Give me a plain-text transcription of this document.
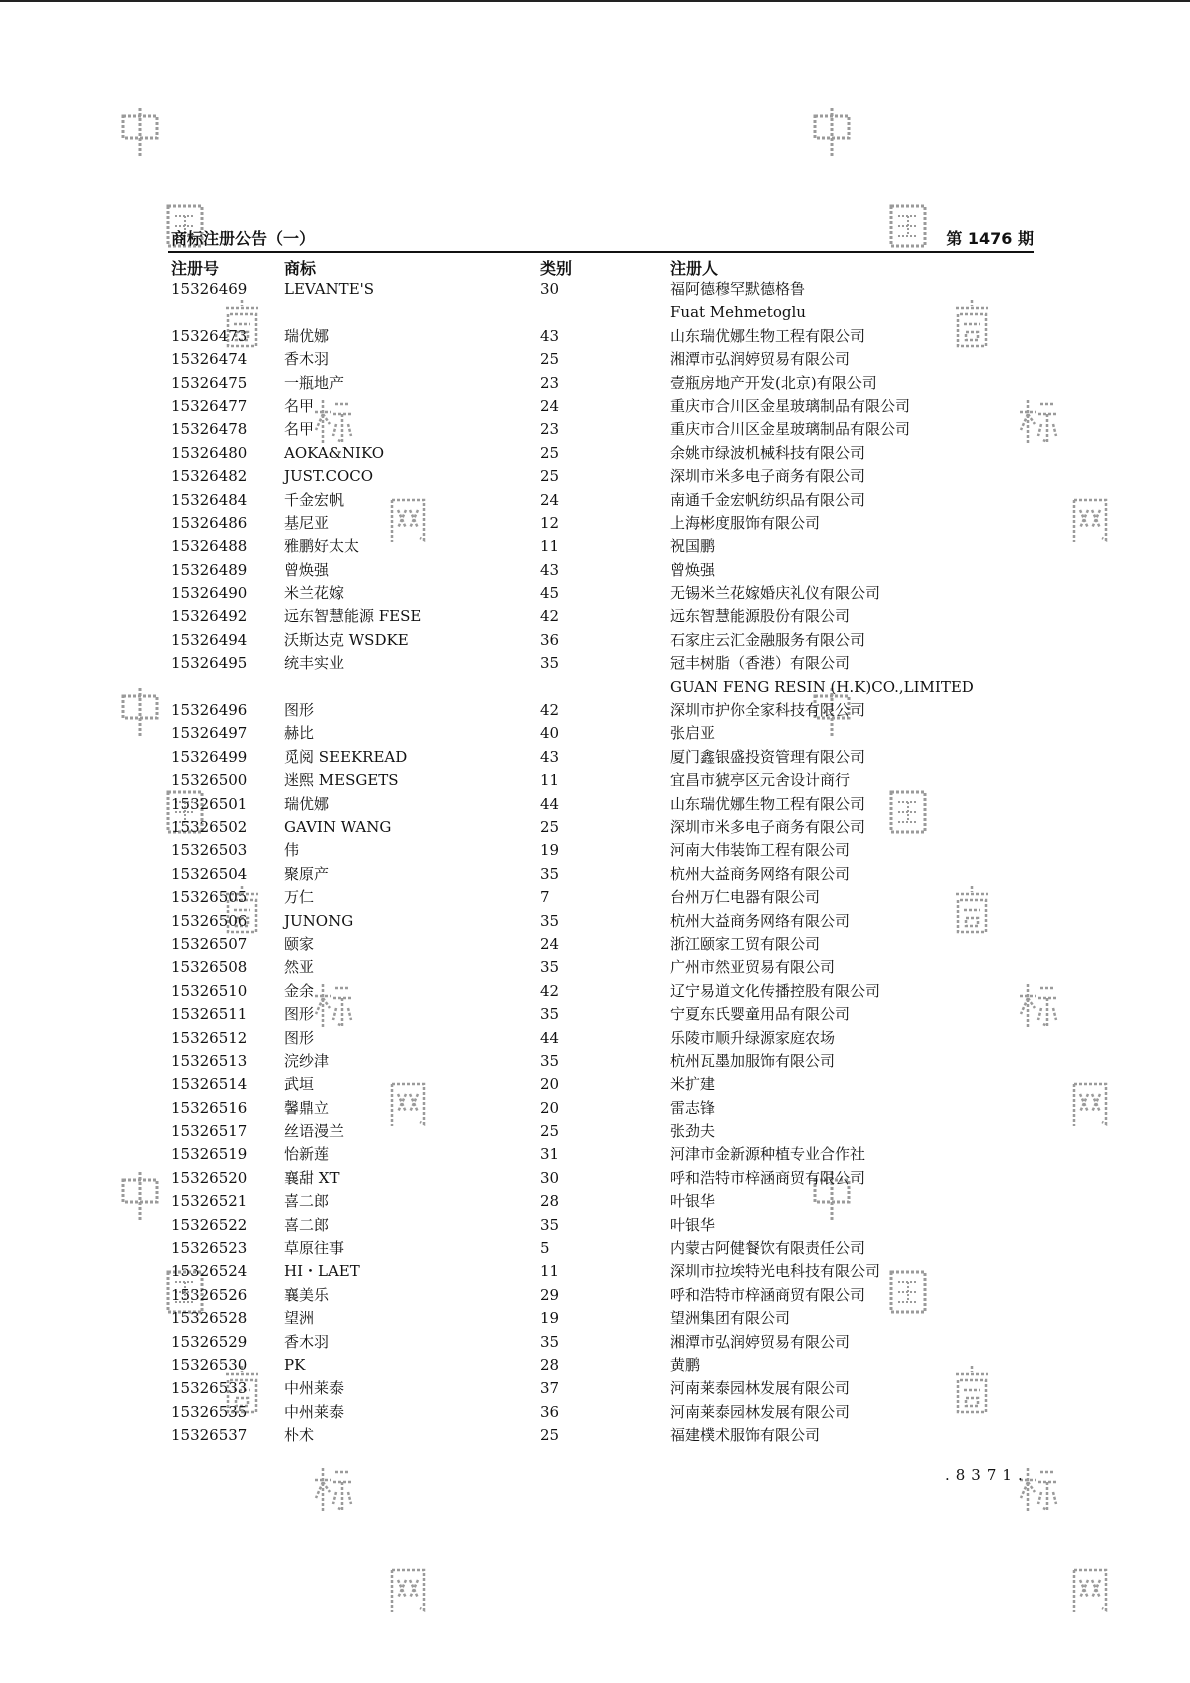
商标注册公告（一）	第 1476 期
注册号	商标	类别	注册人
15326469 LEVANTE'S	30	福阿德穆罕默德格鲁
Fuat Mehmetoglu
15326473 瑞优娜	43	山东瑞优娜生物工程有限公司
15326474 香木羽	25	湘潭市弘润婷贸易有限公司
15326475 一瓶地产	23	壹瓶房地产开发(北京)有限公司
15326477 名甲	24	重庆市合川区金星玻璃制品有限公司
15326478 名甲	23	重庆市合川区金星玻璃制品有限公司
15326480 AOKA&NIKO	25	余姚市绿波机械科技有限公司
15326482 JUST.COCO	25	深圳市米多电子商务有限公司
15326484 千金宏帆	24	南通千金宏帆纺织品有限公司
15326486 基尼亚	12	上海彬度服饰有限公司
15326488 雅鹏好太太	11	祝国鹏
15326489 曾焕强	43	曾焕强
15326490 米兰花嫁	45	无锡米兰花嫁婚庆礼仪有限公司
15326492 远东智慧能源 FESE	42	远东智慧能源股份有限公司
15326494 沃斯达克 WSDKE	36	石家庄云汇金融服务有限公司
15326495 统丰实业	35	冠丰树脂（香港）有限公司
GUAN FENG RESIN (H.K)CO.,LIMITED
15326496 图形	42	深圳市护你全家科技有限公司
15326497 赫比	40	张启亚
15326499 觅阅 SEEKREAD	43	厦门鑫银盛投资管理有限公司
15326500 迷熙 MESGETS	11	宜昌市猇亭区元舍设计商行
15326501 瑞优娜	44	山东瑞优娜生物工程有限公司
15326502 GAVIN WANG	25	深圳市米多电子商务有限公司
15326503 伟	19	河南大伟装饰工程有限公司
15326504 聚原产	35	杭州大益商务网络有限公司
15326505 万仁	7	台州万仁电器有限公司
15326506 JUNONG	35	杭州大益商务网络有限公司
15326507 颐家	24	浙江颐家工贸有限公司
15326508 然亚	35	广州市然亚贸易有限公司
15326510 金余	42	辽宁易道文化传播控股有限公司
15326511 图形	35	宁夏东氏婴童用品有限公司
15326512 图形	44	乐陵市顺升绿源家庭农场
15326513 浣纱津	35	杭州瓦墨加服饰有限公司
15326514 武垣	20	米扩建
15326516 馨鼎立	20	雷志锋
15326517 丝语漫兰	25	张劲夫
15326519 怡新莲	31	河津市金新源种植专业合作社
15326520 襄甜 XT	30	呼和浩特市梓涵商贸有限公司
15326521 喜二郎	28	叶银华
15326522 喜二郎	35	叶银华
15326523 草原往事	5	内蒙古阿健餐饮有限责任公司
15326524 HI・LAET	11	深圳市拉埃特光电科技有限公司
15326526 襄美乐	29	呼和浩特市梓涵商贸有限公司
15326528 望洲	19	望洲集团有限公司
15326529 香木羽	35	湘潭市弘润婷贸易有限公司
15326530 PK	28	黄鹏
15326533 中州莱泰	37	河南莱泰园林发展有限公司
15326535 中州莱泰	36	河南莱泰园林发展有限公司
15326537 朴术	25	福建樸术服饰有限公司
.8371.
